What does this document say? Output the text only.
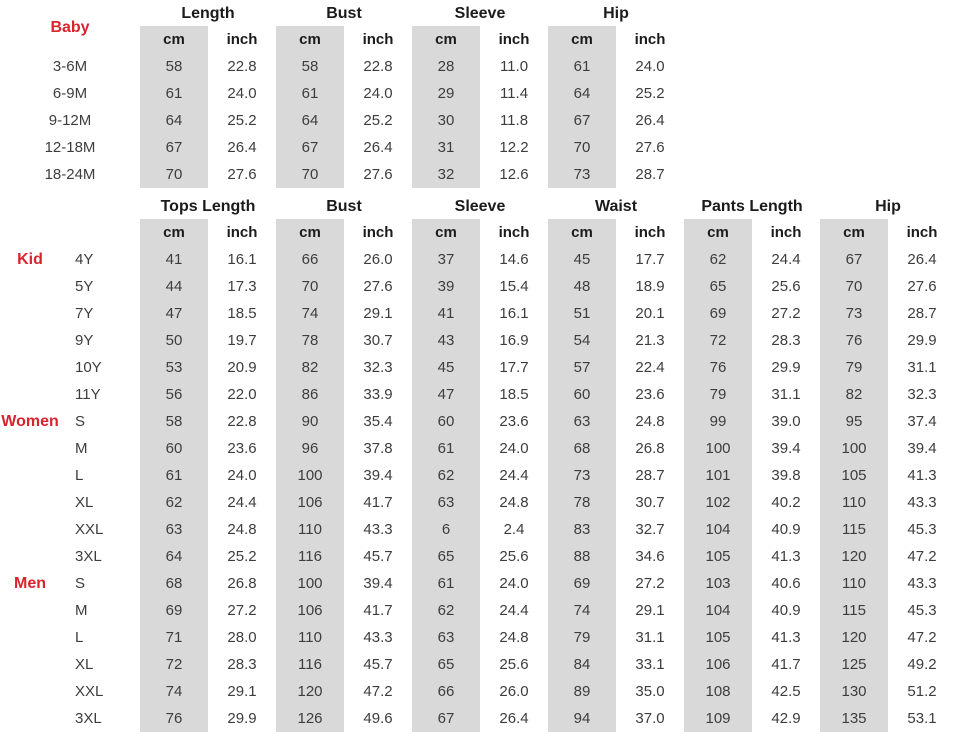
Baby
Length	Bust	Sleeve	Hip
cm	inch	cm	inch	cm	inch	cm	inch
3-6M	58	22.8	58	22.8	28	11.0	61	24.0
6-9M	61	24.0	61	24.0	29	11.4	64	25.2
9-12M	64	25.2	64	25.2	30	11.8	67	26.4
12-18M	67	26.4	67	26.4	31	12.2	70	27.6
18-24M	70	27.6	70	27.6	32	12.6	73	28.7
Tops Length	Bust	Sleeve	Waist	Pants Length	Hip
cm	inch	cm	inch	cm	inch	cm	inch	cm	inch	cm	inch
Kid	4Y	41	16.1	66	26.0	37	14.6	45	17.7	62	24.4	67	26.4
5Y	44	17.3	70	27.6	39	15.4	48	18.9	65	25.6	70	27.6
7Y	47	18.5	74	29.1	41	16.1	51	20.1	69	27.2	73	28.7
9Y	50	19.7	78	30.7	43	16.9	54	21.3	72	28.3	76	29.9
10Y	53	20.9	82	32.3	45	17.7	57	22.4	76	29.9	79	31.1
11Y	56	22.0	86	33.9	47	18.5	60	23.6	79	31.1	82	32.3
Women	S	58	22.8	90	35.4	60	23.6	63	24.8	99	39.0	95	37.4
M	60	23.6	96	37.8	61	24.0	68	26.8	100	39.4	100	39.4
L	61	24.0	100	39.4	62	24.4	73	28.7	101	39.8	105	41.3
XL	62	24.4	106	41.7	63	24.8	78	30.7	102	40.2	110	43.3
XXL	63	24.8	110	43.3	6	2.4	83	32.7	104	40.9	115	45.3
3XL	64	25.2	116	45.7	65	25.6	88	34.6	105	41.3	120	47.2
Men	S	68	26.8	100	39.4	61	24.0	69	27.2	103	40.6	110	43.3
M	69	27.2	106	41.7	62	24.4	74	29.1	104	40.9	115	45.3
L	71	28.0	110	43.3	63	24.8	79	31.1	105	41.3	120	47.2
XL	72	28.3	116	45.7	65	25.6	84	33.1	106	41.7	125	49.2
XXL	74	29.1	120	47.2	66	26.0	89	35.0	108	42.5	130	51.2
3XL	76	29.9	126	49.6	67	26.4	94	37.0	109	42.9	135	53.1
